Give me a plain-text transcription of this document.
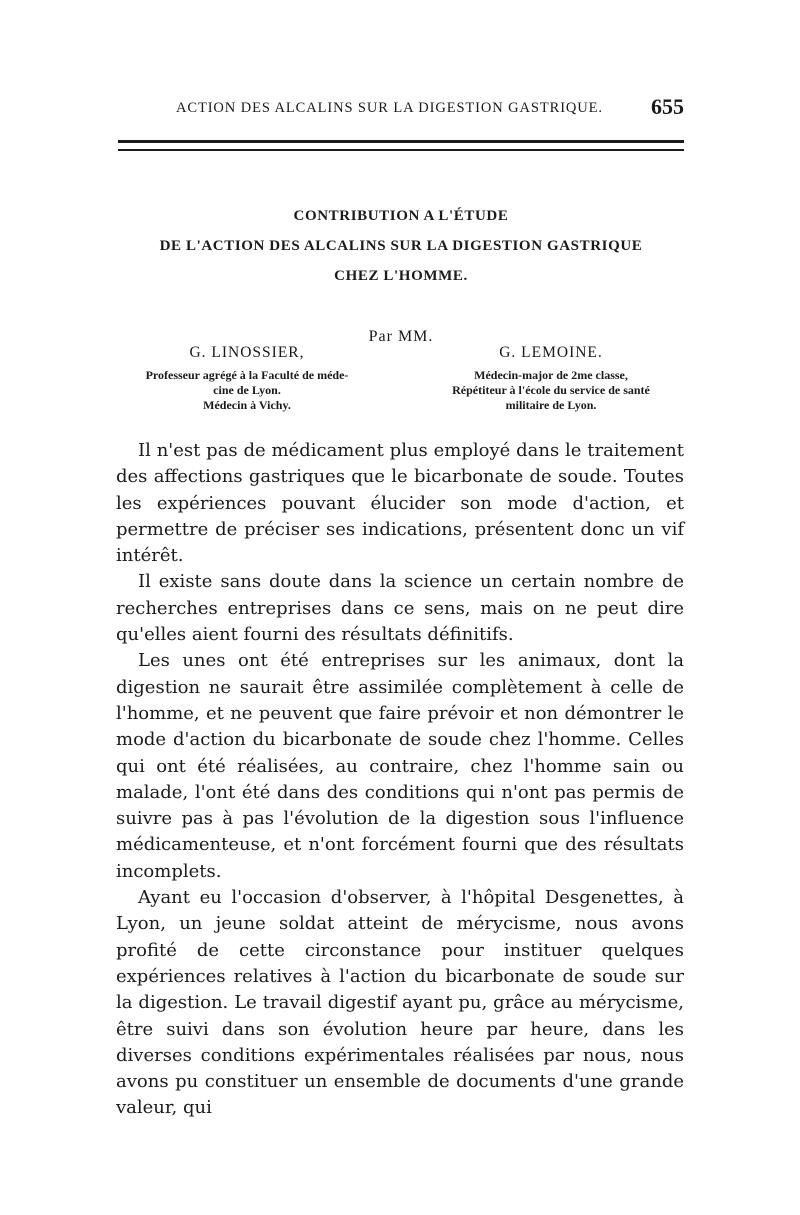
ACTION DES ALCALINS SUR LA DIGESTION GASTRIQUE. 655
CONTRIBUTION A L'ÉTUDE
DE L'ACTION DES ALCALINS SUR LA DIGESTION GASTRIQUE
CHEZ L'HOMME.
Par MM.
G. LINOSSIER,
Professeur agrégé à la Faculté de méde-
cine de Lyon.
Médecin à Vichy.
G. LEMOINE.
Médecin-major de 2me classe,
Répétiteur à l'école du service de santé
militaire de Lyon.

Il n'est pas de médicament plus employé dans le traitement des affections gastriques que le bicarbonate de soude. Toutes les expériences pouvant élucider son mode d'action, et permettre de préciser ses indications, présentent donc un vif intérêt.

Il existe sans doute dans la science un certain nombre de recherches entreprises dans ce sens, mais on ne peut dire qu'elles aient fourni des résultats définitifs.

Les unes ont été entreprises sur les animaux, dont la digestion ne saurait être assimilée complètement à celle de l'homme, et ne peuvent que faire prévoir et non démontrer le mode d'action du bicarbonate de soude chez l'homme. Celles qui ont été réalisées, au contraire, chez l'homme sain ou malade, l'ont été dans des conditions qui n'ont pas permis de suivre pas à pas l'évolution de la digestion sous l'influence médicamenteuse, et n'ont forcément fourni que des résultats incomplets.

Ayant eu l'occasion d'observer, à l'hôpital Desgenettes, à Lyon, un jeune soldat atteint de mérycisme, nous avons profité de cette circonstance pour instituer quelques expériences relatives à l'action du bicarbonate de soude sur la digestion. Le travail digestif ayant pu, grâce au mérycisme, être suivi dans son évolution heure par heure, dans les diverses conditions expérimentales réalisées par nous, nous avons pu constituer un ensemble de documents d'une grande valeur, qui
